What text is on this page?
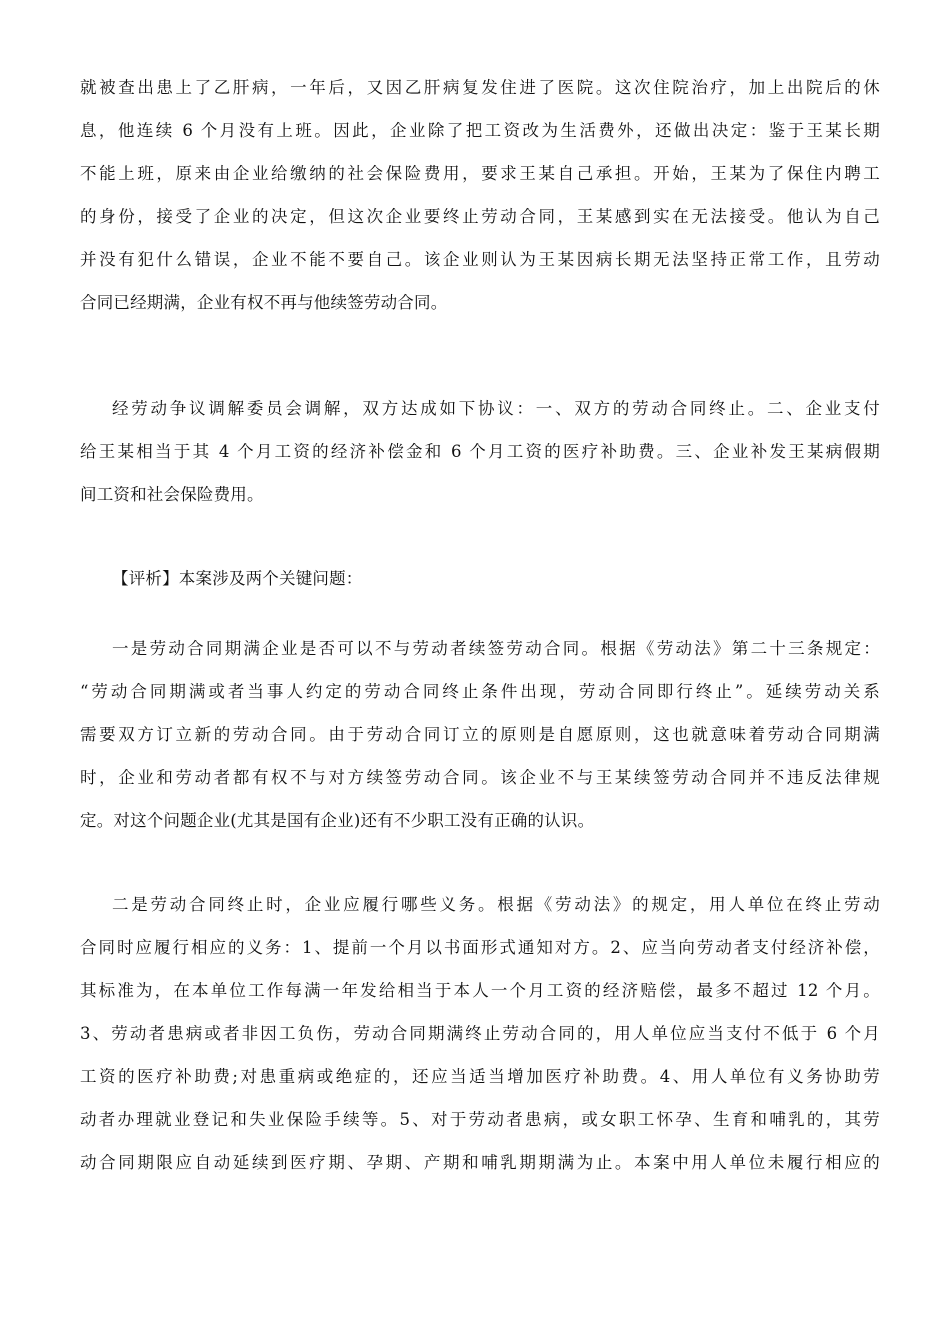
就被查出患上了乙肝病，一年后，又因乙肝病复发住进了医院。这次住院治疗，加上出院后的休
息，他连续 6 个月没有上班。因此，企业除了把工资改为生活费外，还做出决定：鉴于王某长期
不能上班，原来由企业给缴纳的社会保险费用，要求王某自己承担。开始，王某为了保住内聘工
的身份，接受了企业的决定，但这次企业要终止劳动合同，王某感到实在无法接受。他认为自己
并没有犯什么错误，企业不能不要自己。该企业则认为王某因病长期无法坚持正常工作，且劳动
合同已经期满，企业有权不再与他续签劳动合同。
经劳动争议调解委员会调解，双方达成如下协议：一、双方的劳动合同终止。二、企业支付
给王某相当于其 4 个月工资的经济补偿金和 6 个月工资的医疗补助费。三、企业补发王某病假期
间工资和社会保险费用。
【评析】本案涉及两个关键问题：
一是劳动合同期满企业是否可以不与劳动者续签劳动合同。根据《劳动法》第二十三条规定：
“劳动合同期满或者当事人约定的劳动合同终止条件出现，劳动合同即行终止”。延续劳动关系
需要双方订立新的劳动合同。由于劳动合同订立的原则是自愿原则，这也就意味着劳动合同期满
时，企业和劳动者都有权不与对方续签劳动合同。该企业不与王某续签劳动合同并不违反法律规
定。对这个问题企业(尤其是国有企业)还有不少职工没有正确的认识。
二是劳动合同终止时，企业应履行哪些义务。根据《劳动法》的规定，用人单位在终止劳动
合同时应履行相应的义务：1、提前一个月以书面形式通知对方。2、应当向劳动者支付经济补偿，
其标准为，在本单位工作每满一年发给相当于本人一个月工资的经济赔偿，最多不超过 12 个月。
3、劳动者患病或者非因工负伤，劳动合同期满终止劳动合同的，用人单位应当支付不低于 6 个月
工资的医疗补助费;对患重病或绝症的，还应当适当增加医疗补助费。4、用人单位有义务协助劳
动者办理就业登记和失业保险手续等。5、对于劳动者患病，或女职工怀孕、生育和哺乳的，其劳
动合同期限应自动延续到医疗期、孕期、产期和哺乳期期满为止。本案中用人单位未履行相应的
